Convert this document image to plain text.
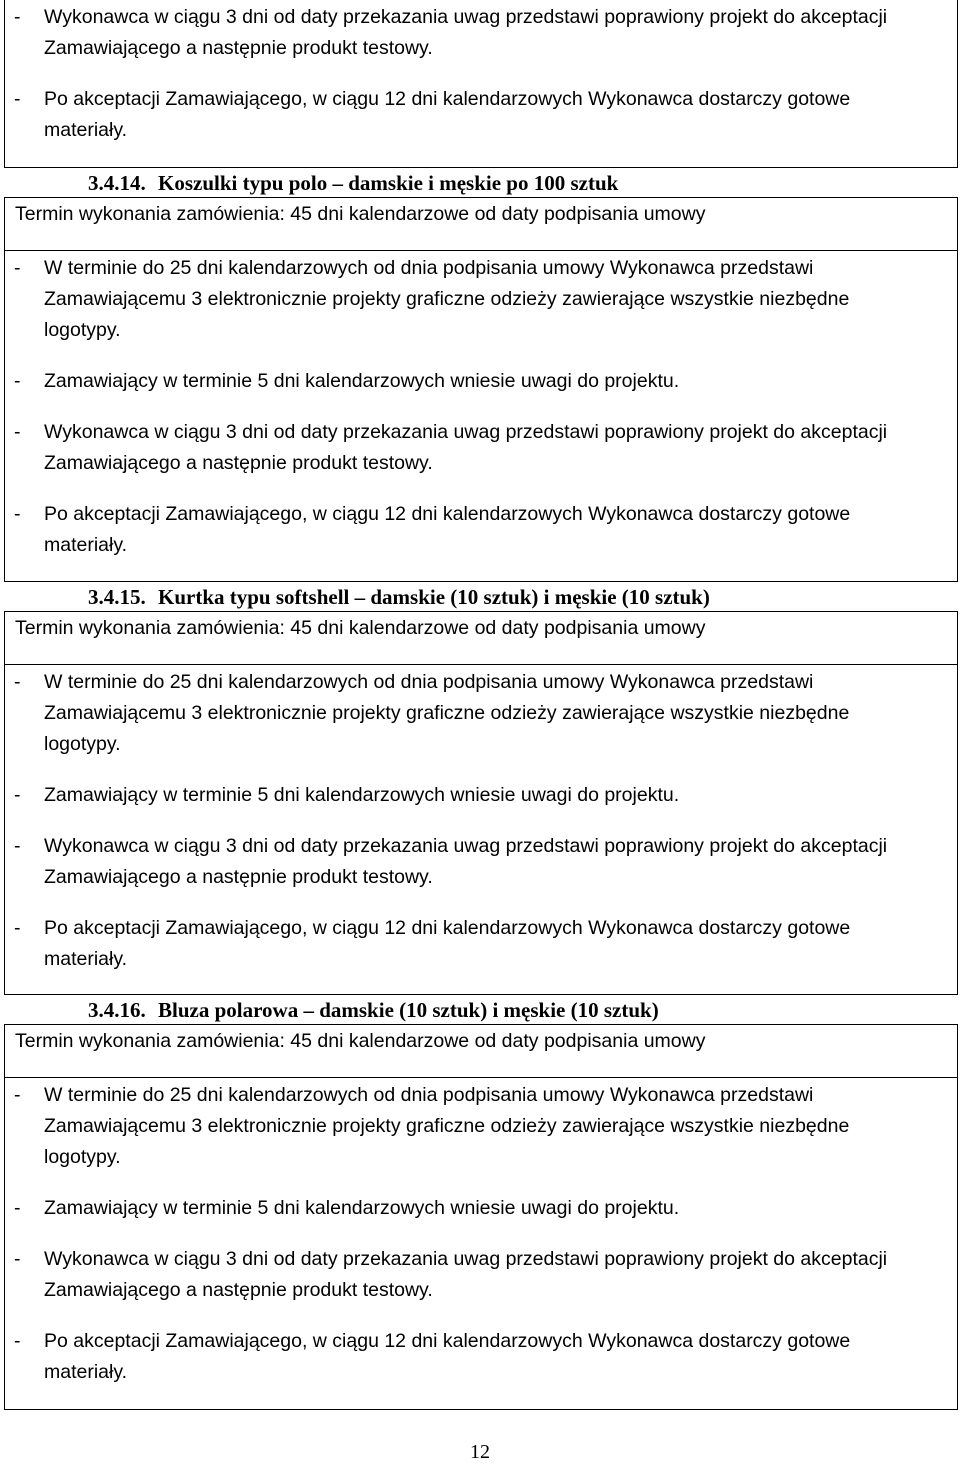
12
- Wykonawca w ciągu 3 dni od daty przekazania uwag przedstawi poprawiony projekt do akceptacji
Zamawiającego a następnie produkt testowy.
- Po akceptacji Zamawiającego, w ciągu 12 dni kalendarzowych Wykonawca dostarczy gotowe
materiały.
3.4.14. Koszulki typu polo – damskie i męskie po 100 sztuk
Termin wykonania zamówienia: 45 dni kalendarzowe od daty podpisania umowy
- W terminie do 25 dni kalendarzowych od dnia podpisania umowy Wykonawca przedstawi
Zamawiającemu 3 elektronicznie projekty graficzne odzieży zawierające wszystkie niezbędne
logotypy.
- Zamawiający w terminie 5 dni kalendarzowych wniesie uwagi do projektu.
- Wykonawca w ciągu 3 dni od daty przekazania uwag przedstawi poprawiony projekt do akceptacji
Zamawiającego a następnie produkt testowy.
- Po akceptacji Zamawiającego, w ciągu 12 dni kalendarzowych Wykonawca dostarczy gotowe
materiały.
3.4.15. Kurtka typu softshell – damskie (10 sztuk) i męskie (10 sztuk)
Termin wykonania zamówienia: 45 dni kalendarzowe od daty podpisania umowy
- W terminie do 25 dni kalendarzowych od dnia podpisania umowy Wykonawca przedstawi
Zamawiającemu 3 elektronicznie projekty graficzne odzieży zawierające wszystkie niezbędne
logotypy.
- Zamawiający w terminie 5 dni kalendarzowych wniesie uwagi do projektu.
- Wykonawca w ciągu 3 dni od daty przekazania uwag przedstawi poprawiony projekt do akceptacji
Zamawiającego a następnie produkt testowy.
- Po akceptacji Zamawiającego, w ciągu 12 dni kalendarzowych Wykonawca dostarczy gotowe
materiały.
3.4.16. Bluza polarowa – damskie (10 sztuk) i męskie (10 sztuk)
Termin wykonania zamówienia: 45 dni kalendarzowe od daty podpisania umowy
- W terminie do 25 dni kalendarzowych od dnia podpisania umowy Wykonawca przedstawi
Zamawiającemu 3 elektronicznie projekty graficzne odzieży zawierające wszystkie niezbędne
logotypy.
- Zamawiający w terminie 5 dni kalendarzowych wniesie uwagi do projektu.
- Wykonawca w ciągu 3 dni od daty przekazania uwag przedstawi poprawiony projekt do akceptacji
Zamawiającego a następnie produkt testowy.
- Po akceptacji Zamawiającego, w ciągu 12 dni kalendarzowych Wykonawca dostarczy gotowe
materiały.
